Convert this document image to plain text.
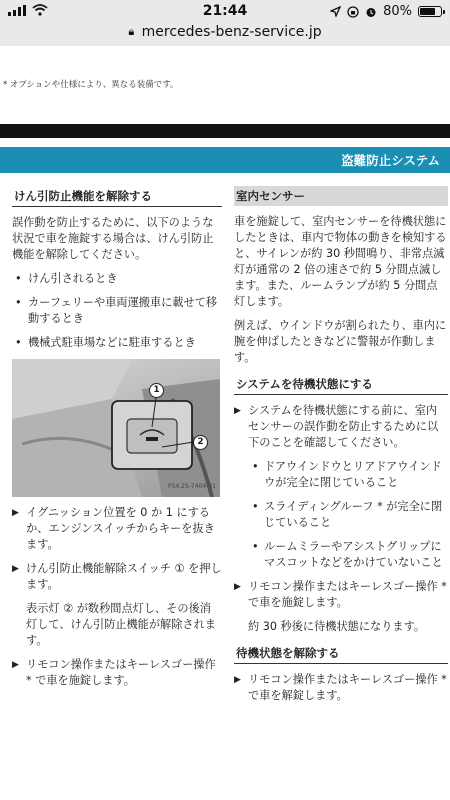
21:44	80%
🔒︎ mercedes-benz-service.jp
* オプションや仕様により、異なる装備です。
盗難防止システム
けん引防止機能を解除する
誤作動を防止するために、以下のような状況で車を施錠する場合は、けん引防止機能を解除してください。
• けん引されるとき
• カーフェリーや車両運搬車に載せて移動するとき
• 機械式駐車場などに駐車するとき
1
2
P54.25-7404-31
▶ イグニッション位置を 0 か 1 にするか、エンジンスイッチからキーを抜きます。
▶ けん引防止機能解除スイッチ ① を押します。
表示灯 ② が数秒間点灯し、その後消灯して、けん引防止機能が解除されます。
▶ リモコン操作またはキーレスゴー操作 * で車を施錠します。
室内センサー
車を施錠して、室内センサーを待機状態にしたときは、車内で物体の動きを検知すると、サイレンが約 30 秒間鳴り、非常点滅灯が通常の 2 倍の速さで約 5 分間点滅します。また、ルームランプが約 5 分間点灯します。
例えば、ウインドウが割られたり、車内に腕を伸ばしたときなどに警報が作動します。
システムを待機状態にする
▶ システムを待機状態にする前に、室内センサーの誤作動を防止するために以下のことを確認してください。
• ドアウインドウとリアドアウインドウが完全に閉じていること
• スライディングルーフ * が完全に閉じていること
• ルームミラーやアシストグリップにマスコットなどをかけていないこと
▶ リモコン操作またはキーレスゴー操作 * で車を施錠します。
約 30 秒後に待機状態になります。
待機状態を解除する
▶ リモコン操作またはキーレスゴー操作 * で車を解錠します。
